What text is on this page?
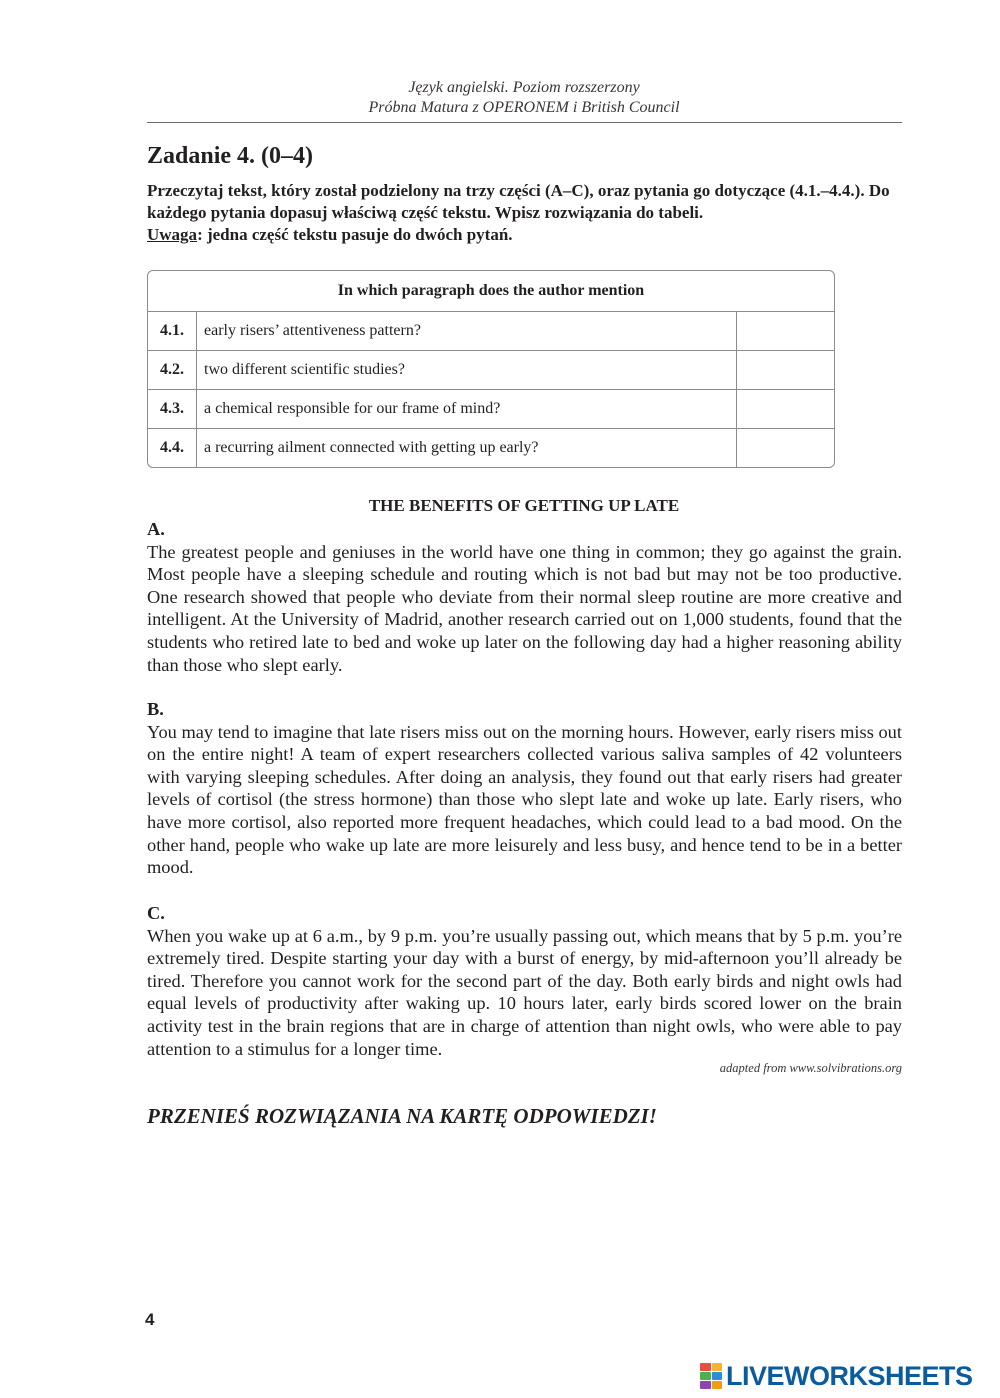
Język angielski. Poziom rozszerzony
Próbna Matura z OPERONEM i British Council
Zadanie 4. (0–4)
Przeczytaj tekst, który został podzielony na trzy części (A–C), oraz pytania go dotyczące (4.1.–4.4.). Do każdego pytania dopasuj właściwą część tekstu. Wpisz rozwiązania do tabeli.
Uwaga: jedna część tekstu pasuje do dwóch pytań.
In which paragraph does the author mention		
4.1.	early risers’ attentiveness pattern?	
4.2.	two different scientific studies?	
4.3.	a chemical responsible for our frame of mind?	
4.4.	a recurring ailment connected with getting up early?	
THE BENEFITS OF GETTING UP LATE
A.
The greatest people and geniuses in the world have one thing in common; they go against the grain. Most people have a sleeping schedule and routing which is not bad but may not be too productive. One research showed that people who deviate from their normal sleep routine are more creative and intelligent. At the University of Madrid, another research carried out on 1,000 students, found that the students who retired late to bed and woke up later on the following day had a higher reasoning ability than those who slept early.
B.
You may tend to imagine that late risers miss out on the morning hours. However, early risers miss out on the entire night! A team of expert researchers collected various saliva samples of 42 volunteers with varying sleeping schedules. After doing an analysis, they found out that early risers had greater levels of cortisol (the stress hormone) than those who slept late and woke up late. Early risers, who have more cortisol, also reported more frequent headaches, which could lead to a bad mood. On the other hand, people who wake up late are more leisurely and less busy, and hence tend to be in a better mood.
C.
When you wake up at 6 a.m., by 9 p.m. you’re usually passing out, which means that by 5 p.m. you’re extremely tired. Despite starting your day with a burst of energy, by mid-afternoon you’ll already be tired. Therefore you cannot work for the second part of the day. Both early birds and night owls had equal levels of productivity after waking up. 10 hours later, early birds scored lower on the brain activity test in the brain regions that are in charge of attention than night owls, who were able to pay attention to a stimulus for a longer time.
adapted from www.solvibrations.org
PRZENIEŚ ROZWIĄZANIA NA KARTĘ ODPOWIEDZI!
4
LIVEWORKSHEETS
